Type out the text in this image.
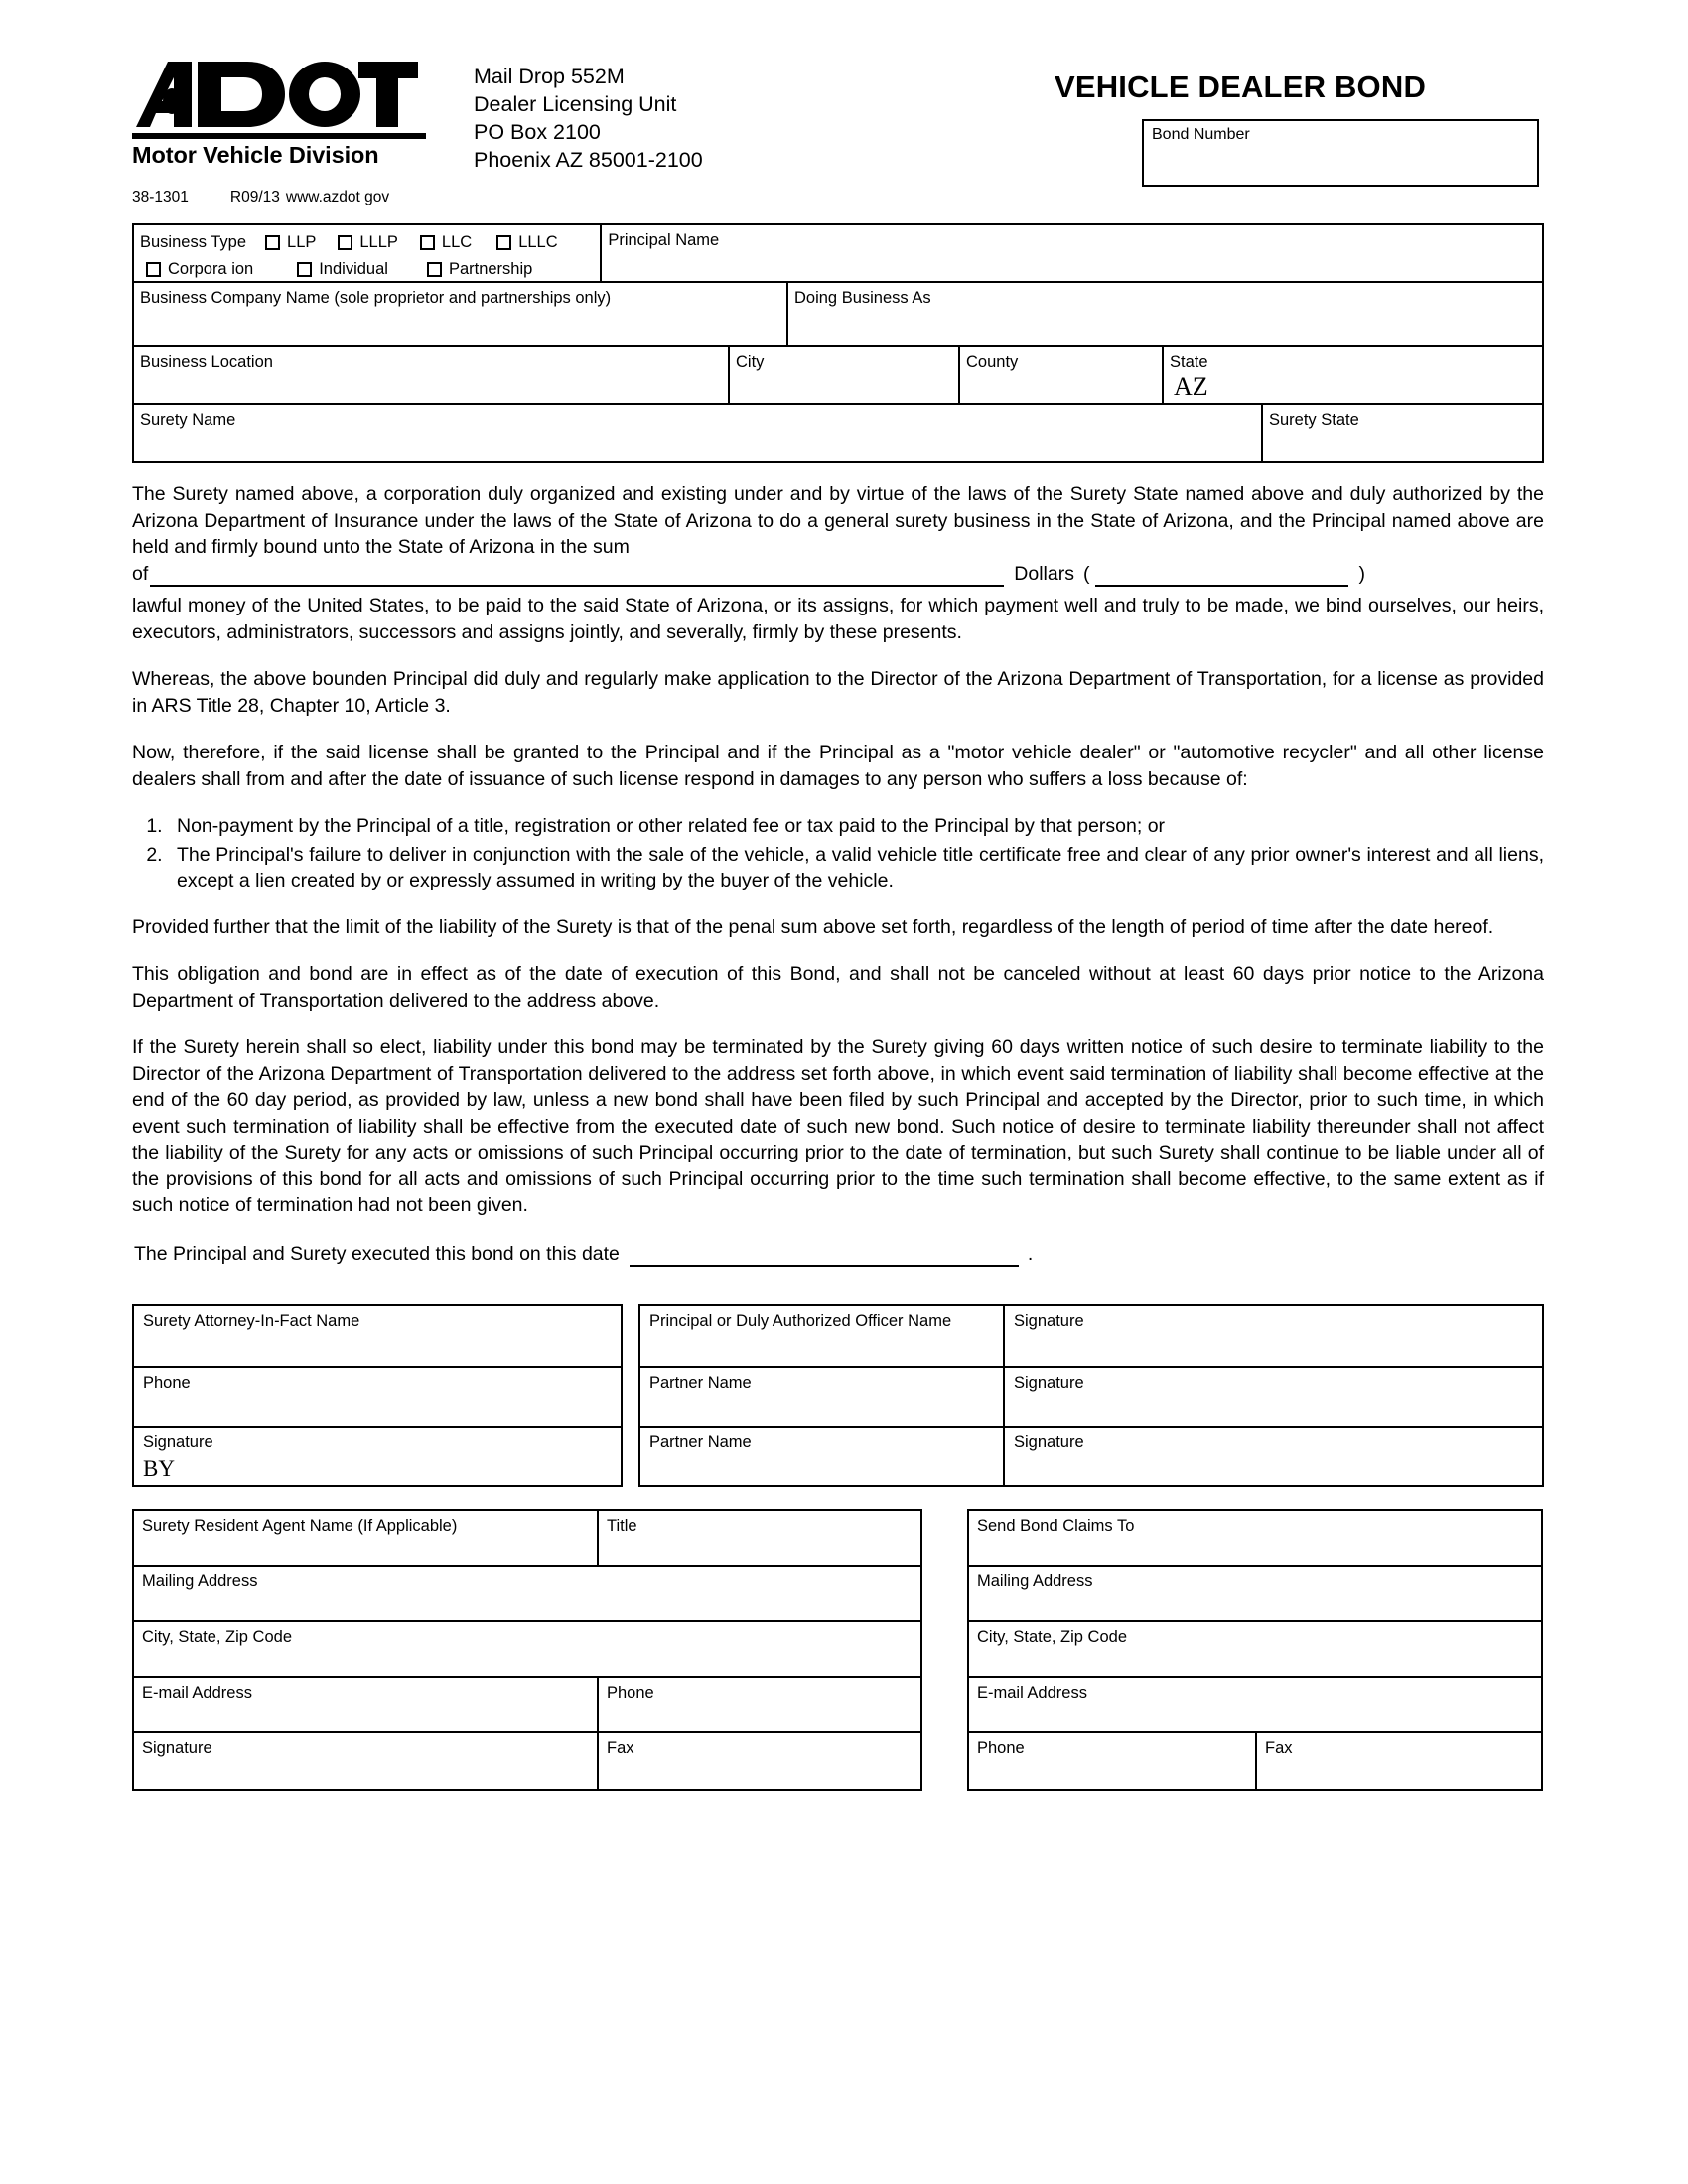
Motor Vehicle Division
38-1301	R09/13 www.azdot gov
Mail Drop 552M
Dealer Licensing Unit
PO Box 2100
Phoenix AZ 85001-2100
VEHICLE DEALER BOND
Bond Number
Business Type LLP	LLLP	LLC	LLLC
Corpora ion	Individual	Partnership
Principal Name
Business Company Name (sole proprietor and partnerships only)	Doing Business As
Business Location	City	County	State
AZ
Surety Name	Surety State

The Surety named above, a corporation duly organized and existing under and by virtue of the laws of the Surety State named above and duly authorized by the Arizona Department of Insurance under the laws of the State of Arizona to do a general surety business in the State of Arizona, and the Principal named above are held and firmly bound unto the State of Arizona in the sum

of	Dollars (	)

lawful money of the United States, to be paid to the said State of Arizona, or its assigns, for which payment well and truly to be made, we bind ourselves, our heirs, executors, administrators, successors and assigns jointly, and severally, firmly by these presents.

Whereas, the above bounden Principal did duly and regularly make application to the Director of the Arizona Department of Transportation, for a license as provided in ARS Title 28, Chapter 10, Article 3.

Now, therefore, if the said license shall be granted to the Principal and if the Principal as a "motor vehicle dealer" or "automotive recycler" and all other license dealers shall from and after the date of issuance of such license respond in damages to any person who suffers a loss because of:

1. Non-payment by the Principal of a title, registration or other related fee or tax paid to the Principal by that person; or
2. The Principal's failure to deliver in conjunction with the sale of the vehicle, a valid vehicle title certificate free and clear of any prior owner's interest and all liens, except a lien created by or expressly assumed in writing by the buyer of the vehicle.

Provided further that the limit of the liability of the Surety is that of the penal sum above set forth, regardless of the length of period of time after the date hereof.

This obligation and bond are in effect as of the date of execution of this Bond, and shall not be canceled without at least 60 days prior notice to the Arizona Department of Transportation delivered to the address above.

If the Surety herein shall so elect, liability under this bond may be terminated by the Surety giving 60 days written notice of such desire to terminate liability to the Director of the Arizona Department of Transportation delivered to the address set forth above, in which event said termination of liability shall become effective at the end of the 60 day period, as provided by law, unless a new bond shall have been filed by such Principal and accepted by the Director, prior to such time, in which event such termination of liability shall be effective from the executed date of such new bond. Such notice of desire to terminate liability thereunder shall not affect the liability of the Surety for any acts or omissions of such Principal occurring prior to the date of termination, but such Surety shall continue to be liable under all of the provisions of this bond for all acts and omissions of such Principal occurring prior to the time such termination shall become effective, to the same extent as if such notice of termination had not been given.

The Principal and Surety executed this bond on this date	.
Surety Attorney-In-Fact Name
Phone
Signature
BY
Principal or Duly Authorized Officer Name	Signature
Partner Name	Signature
Partner Name	Signature
Surety Resident Agent Name (If Applicable)	Title
Mailing Address
City, State, Zip Code
E-mail Address	Phone
Signature	Fax
Send Bond Claims To
Mailing Address
City, State, Zip Code
E-mail Address
Phone	Fax
